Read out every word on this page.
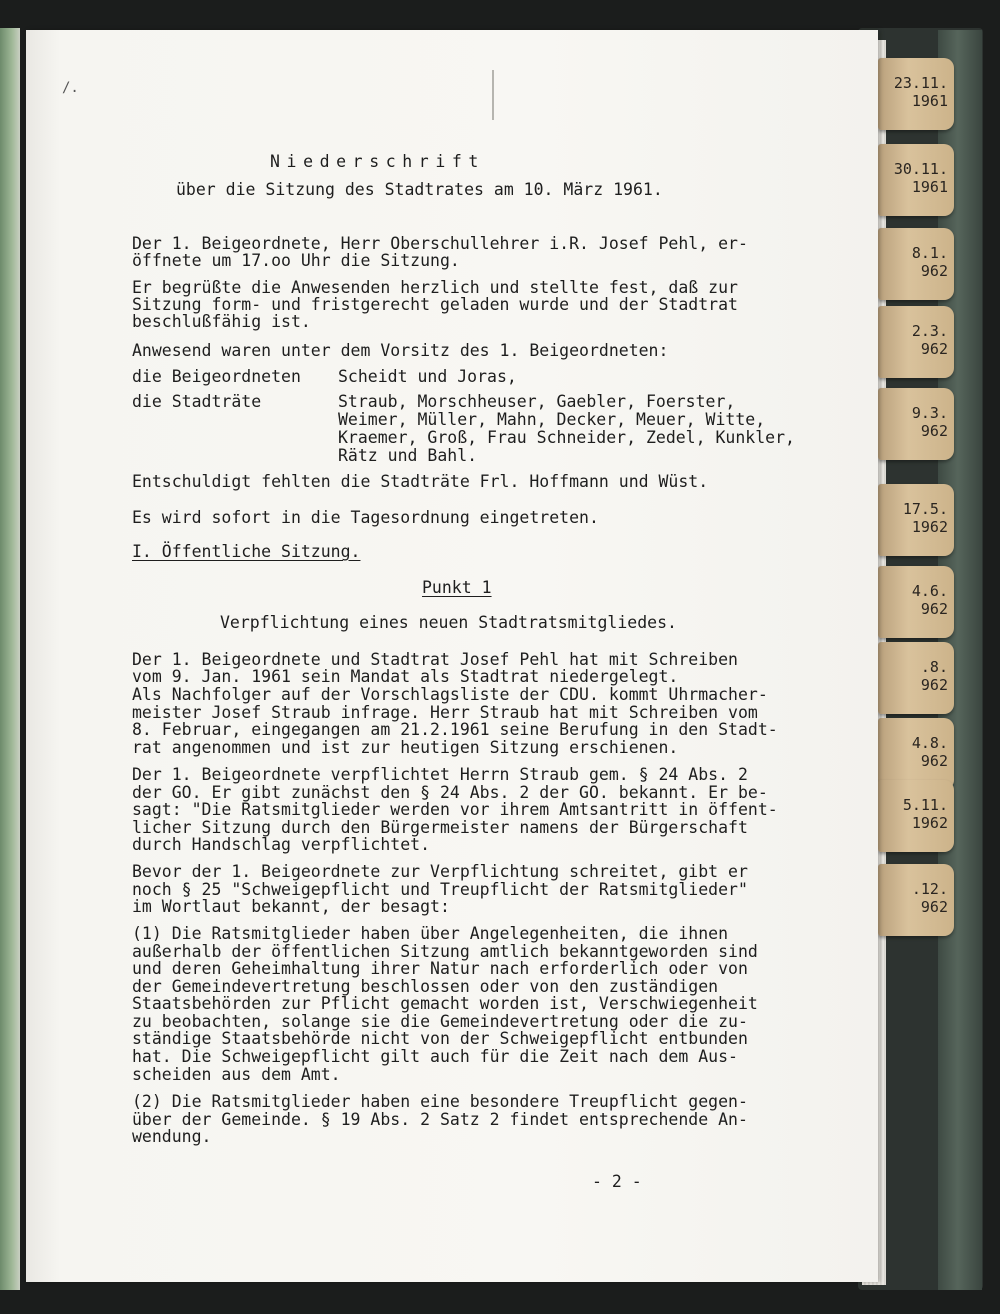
23.11.
1961
30.11.
1961
8.1.
962
2.3.
962
9.3.
962
17.5.
1962
4.6.
962
.8.
962
4.8.
962
5.11.
1962
.12.
962
/.
Niederschrift
über die Sitzung des Stadtrates am 10. März 1961.
Der 1. Beigeordnete, Herr Oberschullehrer i.R. Josef Pehl, er-
öffnete um 17.oo Uhr die Sitzung.
Er begrüßte die Anwesenden herzlich und stellte fest, daß zur
Sitzung form- und fristgerecht geladen wurde und der Stadtrat
beschlußfähig ist.
Anwesend waren unter dem Vorsitz des 1. Beigeordneten:
die Beigeordneten Scheidt und Joras,
die Stadträte	Straub, Morschheuser, Gaebler, Foerster,
Weimer, Müller, Mahn, Decker, Meuer, Witte,
Kraemer, Groß, Frau Schneider, Zedel, Kunkler,
Rätz und Bahl.
Entschuldigt fehlten die Stadträte Frl. Hoffmann und Wüst.
Es wird sofort in die Tagesordnung eingetreten.
I. Öffentliche Sitzung.
Punkt 1
Verpflichtung eines neuen Stadtratsmitgliedes.
Der 1. Beigeordnete und Stadtrat Josef Pehl hat mit Schreiben
vom 9. Jan. 1961 sein Mandat als Stadtrat niedergelegt.
Als Nachfolger auf der Vorschlagsliste der CDU. kommt Uhrmacher-
meister Josef Straub infrage. Herr Straub hat mit Schreiben vom
8. Februar, eingegangen am 21.2.1961 seine Berufung in den Stadt-
rat angenommen und ist zur heutigen Sitzung erschienen.
Der 1. Beigeordnete verpflichtet Herrn Straub gem. § 24 Abs. 2
der GO. Er gibt zunächst den § 24 Abs. 2 der GO. bekannt. Er be-
sagt: "Die Ratsmitglieder werden vor ihrem Amtsantritt in öffent-
licher Sitzung durch den Bürgermeister namens der Bürgerschaft
durch Handschlag verpflichtet.
Bevor der 1. Beigeordnete zur Verpflichtung schreitet, gibt er
noch § 25 "Schweigepflicht und Treupflicht der Ratsmitglieder"
im Wortlaut bekannt, der besagt:
(1) Die Ratsmitglieder haben über Angelegenheiten, die ihnen
außerhalb der öffentlichen Sitzung amtlich bekanntgeworden sind
und deren Geheimhaltung ihrer Natur nach erforderlich oder von
der Gemeindevertretung beschlossen oder von den zuständigen
Staatsbehörden zur Pflicht gemacht worden ist, Verschwiegenheit
zu beobachten, solange sie die Gemeindevertretung oder die zu-
ständige Staatsbehörde nicht von der Schweigepflicht entbunden
hat. Die Schweigepflicht gilt auch für die Zeit nach dem Aus-
scheiden aus dem Amt.
(2) Die Ratsmitglieder haben eine besondere Treupflicht gegen-
über der Gemeinde. § 19 Abs. 2 Satz 2 findet entsprechende An-
wendung.
- 2 -
